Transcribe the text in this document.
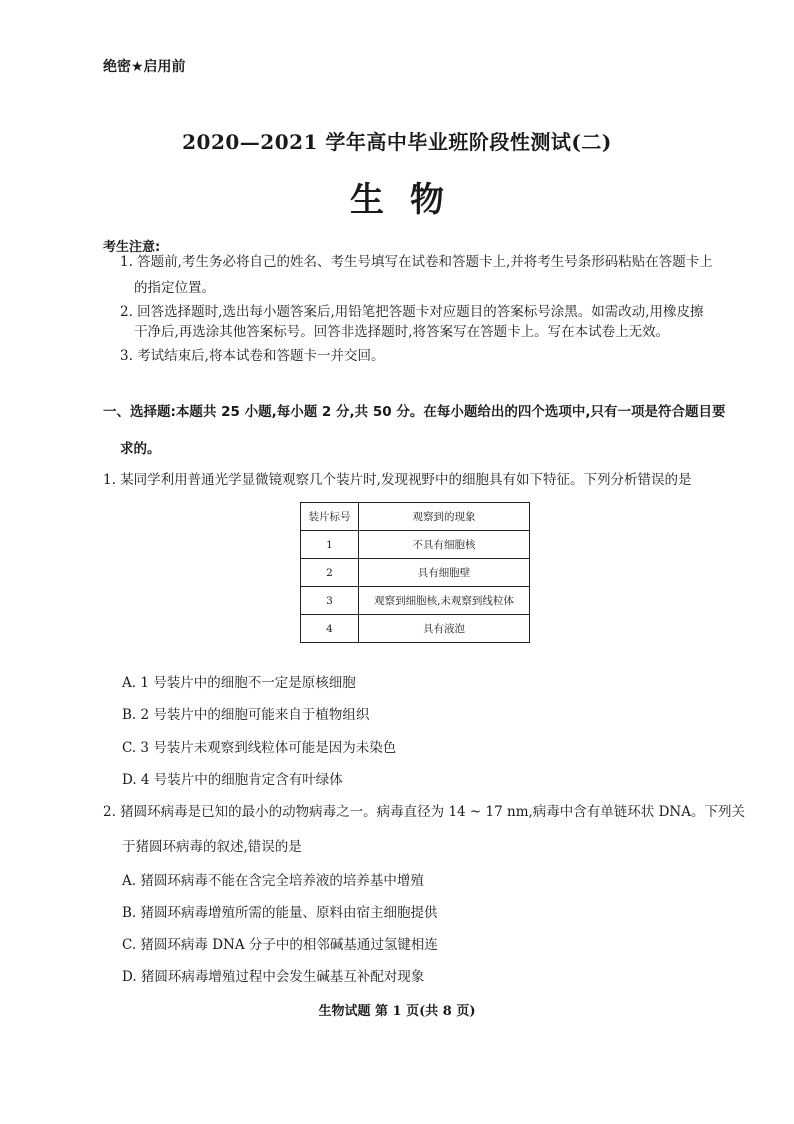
绝密★启用前
2020—2021 学年高中毕业班阶段性测试(二)
生物
考生注意:
1. 答题前,考生务必将自己的姓名、考生号填写在试卷和答题卡上,并将考生号条形码粘贴在答题卡上
的指定位置。
2. 回答选择题时,选出每小题答案后,用铅笔把答题卡对应题目的答案标号涂黑。如需改动,用橡皮擦
干净后,再选涂其他答案标号。回答非选择题时,将答案写在答题卡上。写在本试卷上无效。
3. 考试结束后,将本试卷和答题卡一并交回。
一、选择题:本题共 25 小题,每小题 2 分,共 50 分。在每小题给出的四个选项中,只有一项是符合题目要
求的。
1. 某同学利用普通光学显微镜观察几个装片时,发现视野中的细胞具有如下特征。下列分析错误的是
装片标号	观察到的现象
1	不具有细胞核
2	具有细胞壁
3	观察到细胞核,未观察到线粒体
4	具有液泡
A. 1 号装片中的细胞不一定是原核细胞
B. 2 号装片中的细胞可能来自于植物组织
C. 3 号装片未观察到线粒体可能是因为未染色
D. 4 号装片中的细胞肯定含有叶绿体
2. 猪圆环病毒是已知的最小的动物病毒之一。病毒直径为 14 ~ 17 nm,病毒中含有单链环状 DNA。下列关
于猪圆环病毒的叙述,错误的是
A. 猪圆环病毒不能在含完全培养液的培养基中增殖
B. 猪圆环病毒增殖所需的能量、原料由宿主细胞提供
C. 猪圆环病毒 DNA 分子中的相邻碱基通过氢键相连
D. 猪圆环病毒增殖过程中会发生碱基互补配对现象
生物试题 第 1 页(共 8 页)
